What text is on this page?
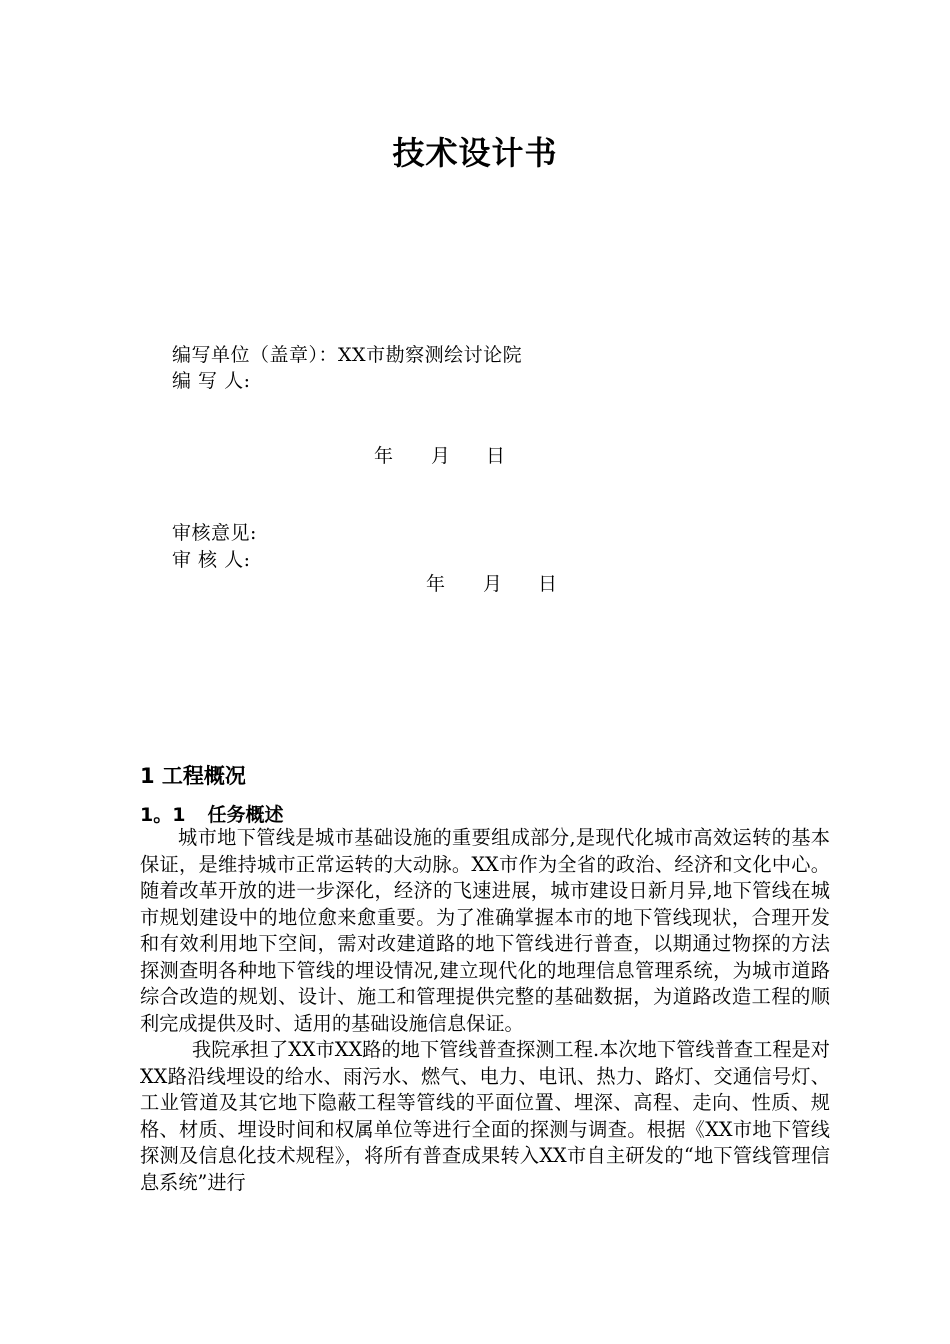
技术设计书
编写单位（盖章）：XX市勘察测绘讨论院
编 写 人:
年 月 日
审核意见:
审 核 人:
年 月 日
1 工程概况
1。1 任务概述

城市地下管线是城市基础设施的重要组成部分,是现代化城市高效运转的基本保证，是维持城市正常运转的大动脉。XX市作为全省的政治、经济和文化中心。随着改革开放的进一步深化，经济的飞速进展，城市建设日新月异,地下管线在城市规划建设中的地位愈来愈重要。为了准确掌握本市的地下管线现状，合理开发和有效利用地下空间，需对改建道路的地下管线进行普查，以期通过物探的方法探测查明各种地下管线的埋设情况,建立现代化的地理信息管理系统，为城市道路综合改造的规划、设计、施工和管理提供完整的基础数据，为道路改造工程的顺利完成提供及时、适用的基础设施信息保证。

我院承担了XX市XX路的地下管线普查探测工程.本次地下管线普查工程是对XX路沿线埋设的给水、雨污水、燃气、电力、电讯、热力、路灯、交通信号灯、工业管道及其它地下隐蔽工程等管线的平面位置、埋深、高程、走向、性质、规格、材质、埋设时间和权属单位等进行全面的探测与调查。根据《XX市地下管线探测及信息化技术规程》，将所有普查成果转入XX市自主研发的“地下管线管理信息系统”进行
